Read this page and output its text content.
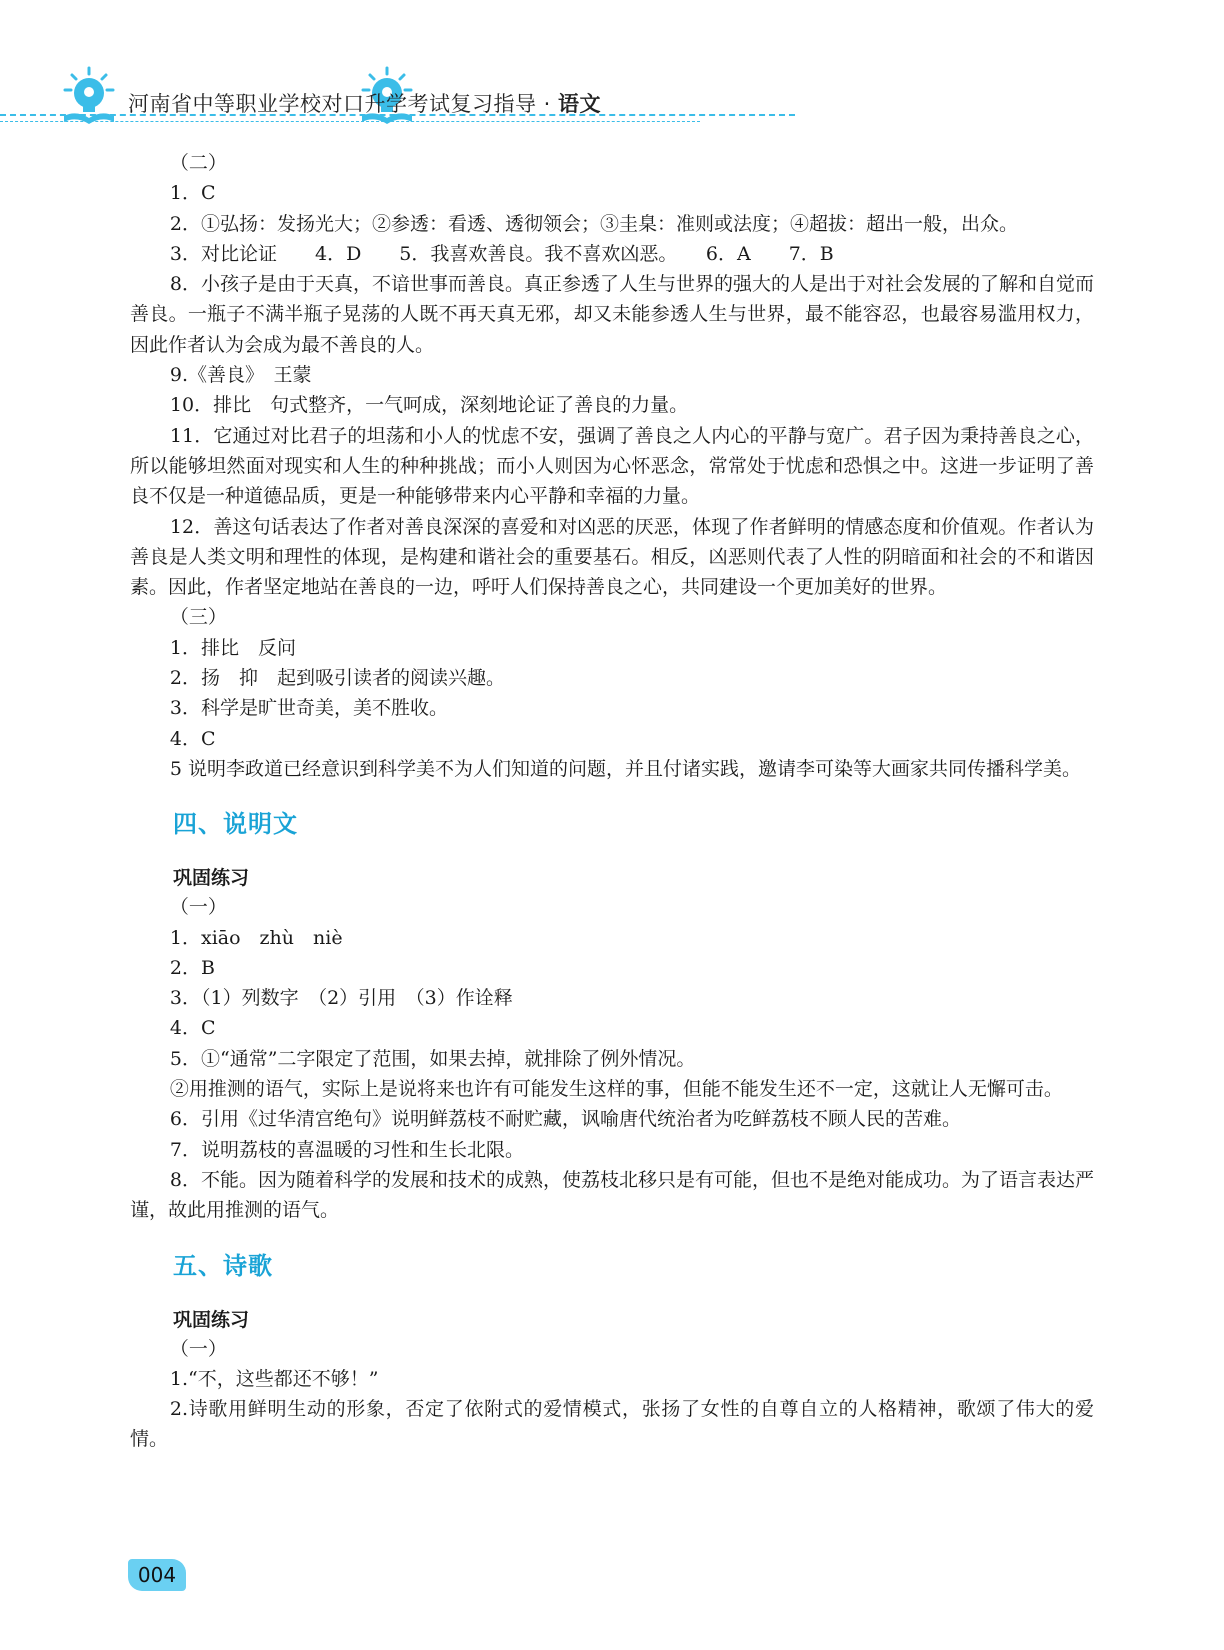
河南省中等职业学校对口升学考试复习指导 · 语文
（二）
1．C
2．①弘扬：发扬光大；②参透：看透、透彻领会；③圭臬：准则或法度；④超拔：超出一般，出众。
3．对比论证　　4．D　　5．我喜欢善良。我不喜欢凶恶。　　6．A　　7．B
8．小孩子是由于天真，不谙世事而善良。真正参透了人生与世界的强大的人是出于对社会发展的了解和自觉而善良。一瓶子不满半瓶子晃荡的人既不再天真无邪，却又未能参透人生与世界，最不能容忍，也最容易滥用权力，因此作者认为会成为最不善良的人。
9.《善良》　王蒙
10．排比　句式整齐，一气呵成，深刻地论证了善良的力量。
11．它通过对比君子的坦荡和小人的忧虑不安，强调了善良之人内心的平静与宽广。君子因为秉持善良之心，所以能够坦然面对现实和人生的种种挑战；而小人则因为心怀恶念，常常处于忧虑和恐惧之中。这进一步证明了善良不仅是一种道德品质，更是一种能够带来内心平静和幸福的力量。
12．善这句话表达了作者对善良深深的喜爱和对凶恶的厌恶，体现了作者鲜明的情感态度和价值观。作者认为善良是人类文明和理性的体现，是构建和谐社会的重要基石。相反，凶恶则代表了人性的阴暗面和社会的不和谐因素。因此，作者坚定地站在善良的一边，呼吁人们保持善良之心，共同建设一个更加美好的世界。
（三）
1．排比　反问
2．扬　抑　起到吸引读者的阅读兴趣。
3．科学是旷世奇美，美不胜收。
4．C
5 说明李政道已经意识到科学美不为人们知道的问题，并且付诸实践，邀请李可染等大画家共同传播科学美。
四、说明文
巩固练习
（一）
1．xiāo　zhù　niè
2．B
3．（1）列数字　（2）引用　（3）作诠释
4．C
5．①“通常”二字限定了范围，如果去掉，就排除了例外情况。
②用推测的语气，实际上是说将来也许有可能发生这样的事，但能不能发生还不一定，这就让人无懈可击。
6．引用《过华清宫绝句》说明鲜荔枝不耐贮藏，讽喻唐代统治者为吃鲜荔枝不顾人民的苦难。
7．说明荔枝的喜温暖的习性和生长北限。
8．不能。因为随着科学的发展和技术的成熟，使荔枝北移只是有可能，但也不是绝对能成功。为了语言表达严谨，故此用推测的语气。
五、诗歌
巩固练习
（一）
1.“不，这些都还不够！”
2.诗歌用鲜明生动的形象，否定了依附式的爱情模式，张扬了女性的自尊自立的人格精神，歌颂了伟大的爱情。
004
